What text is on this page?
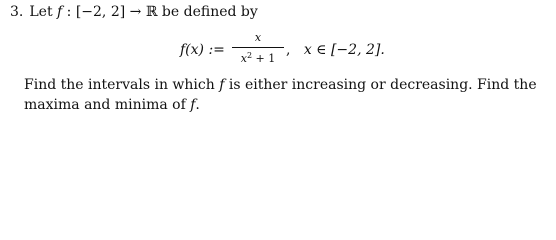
3. Let f : [−2, 2] → ℝ be defined by
f(x) :=
x
$x^2 + 1$
, x ∈ [−2, 2].
Find the intervals in which f is either increasing or decreasing. Find the maxima and minima of f.
